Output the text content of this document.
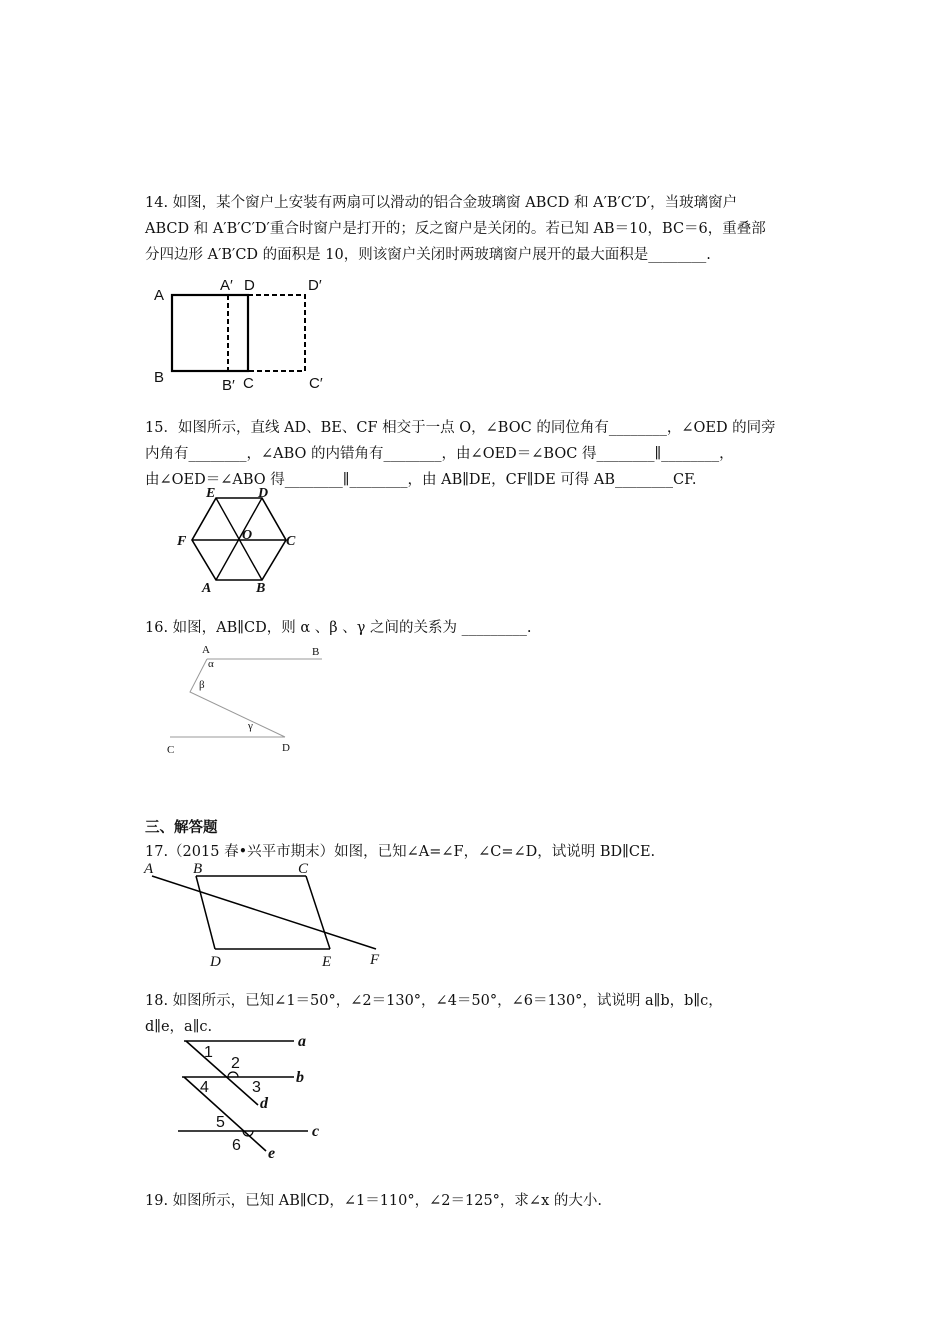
14. 如图，某个窗户上安装有两扇可以滑动的铝合金玻璃窗 ABCD 和 A′B′C′D′，当玻璃窗户
ABCD 和 A′B′C′D′重合时窗户是打开的；反之窗户是关闭的。若已知 AB＝10，BC＝6，重叠部
分四边形 A′B′CD 的面积是 10，则该窗户关闭时两玻璃窗户展开的最大面积是________.
A
A′ D	D′
B	B′ C	C′
15．如图所示，直线 AD、BE、CF 相交于一点 O，∠BOC 的同位角有________，∠OED 的同旁
内角有________，∠ABO 的内错角有________，由∠OED＝∠BOC 得________∥________，
由∠OED＝∠ABO 得________∥________，由 AB∥DE，CF∥DE 可得 AB________CF.
E	D
F	O C
A	B
16. 如图，AB∥CD，则 α 、β 、γ 之间的关系为 _________.
A	B
α
β
γ
C	D
三、解答题
17.（2015 春•兴平市期末）如图，已知∠A=∠F，∠C=∠D，试说明 BD∥CE.
A	B	C
D	E	F
18. 如图所示，已知∠1＝50°，∠2＝130°，∠4＝50°，∠6＝130°，试说明 a∥b，b∥c，
d∥e，a∥c.
1
2
3
4
5
6
a
b
c
d
e
19. 如图所示，已知 AB∥CD，∠1＝110°，∠2＝125°，求∠x 的大小.
